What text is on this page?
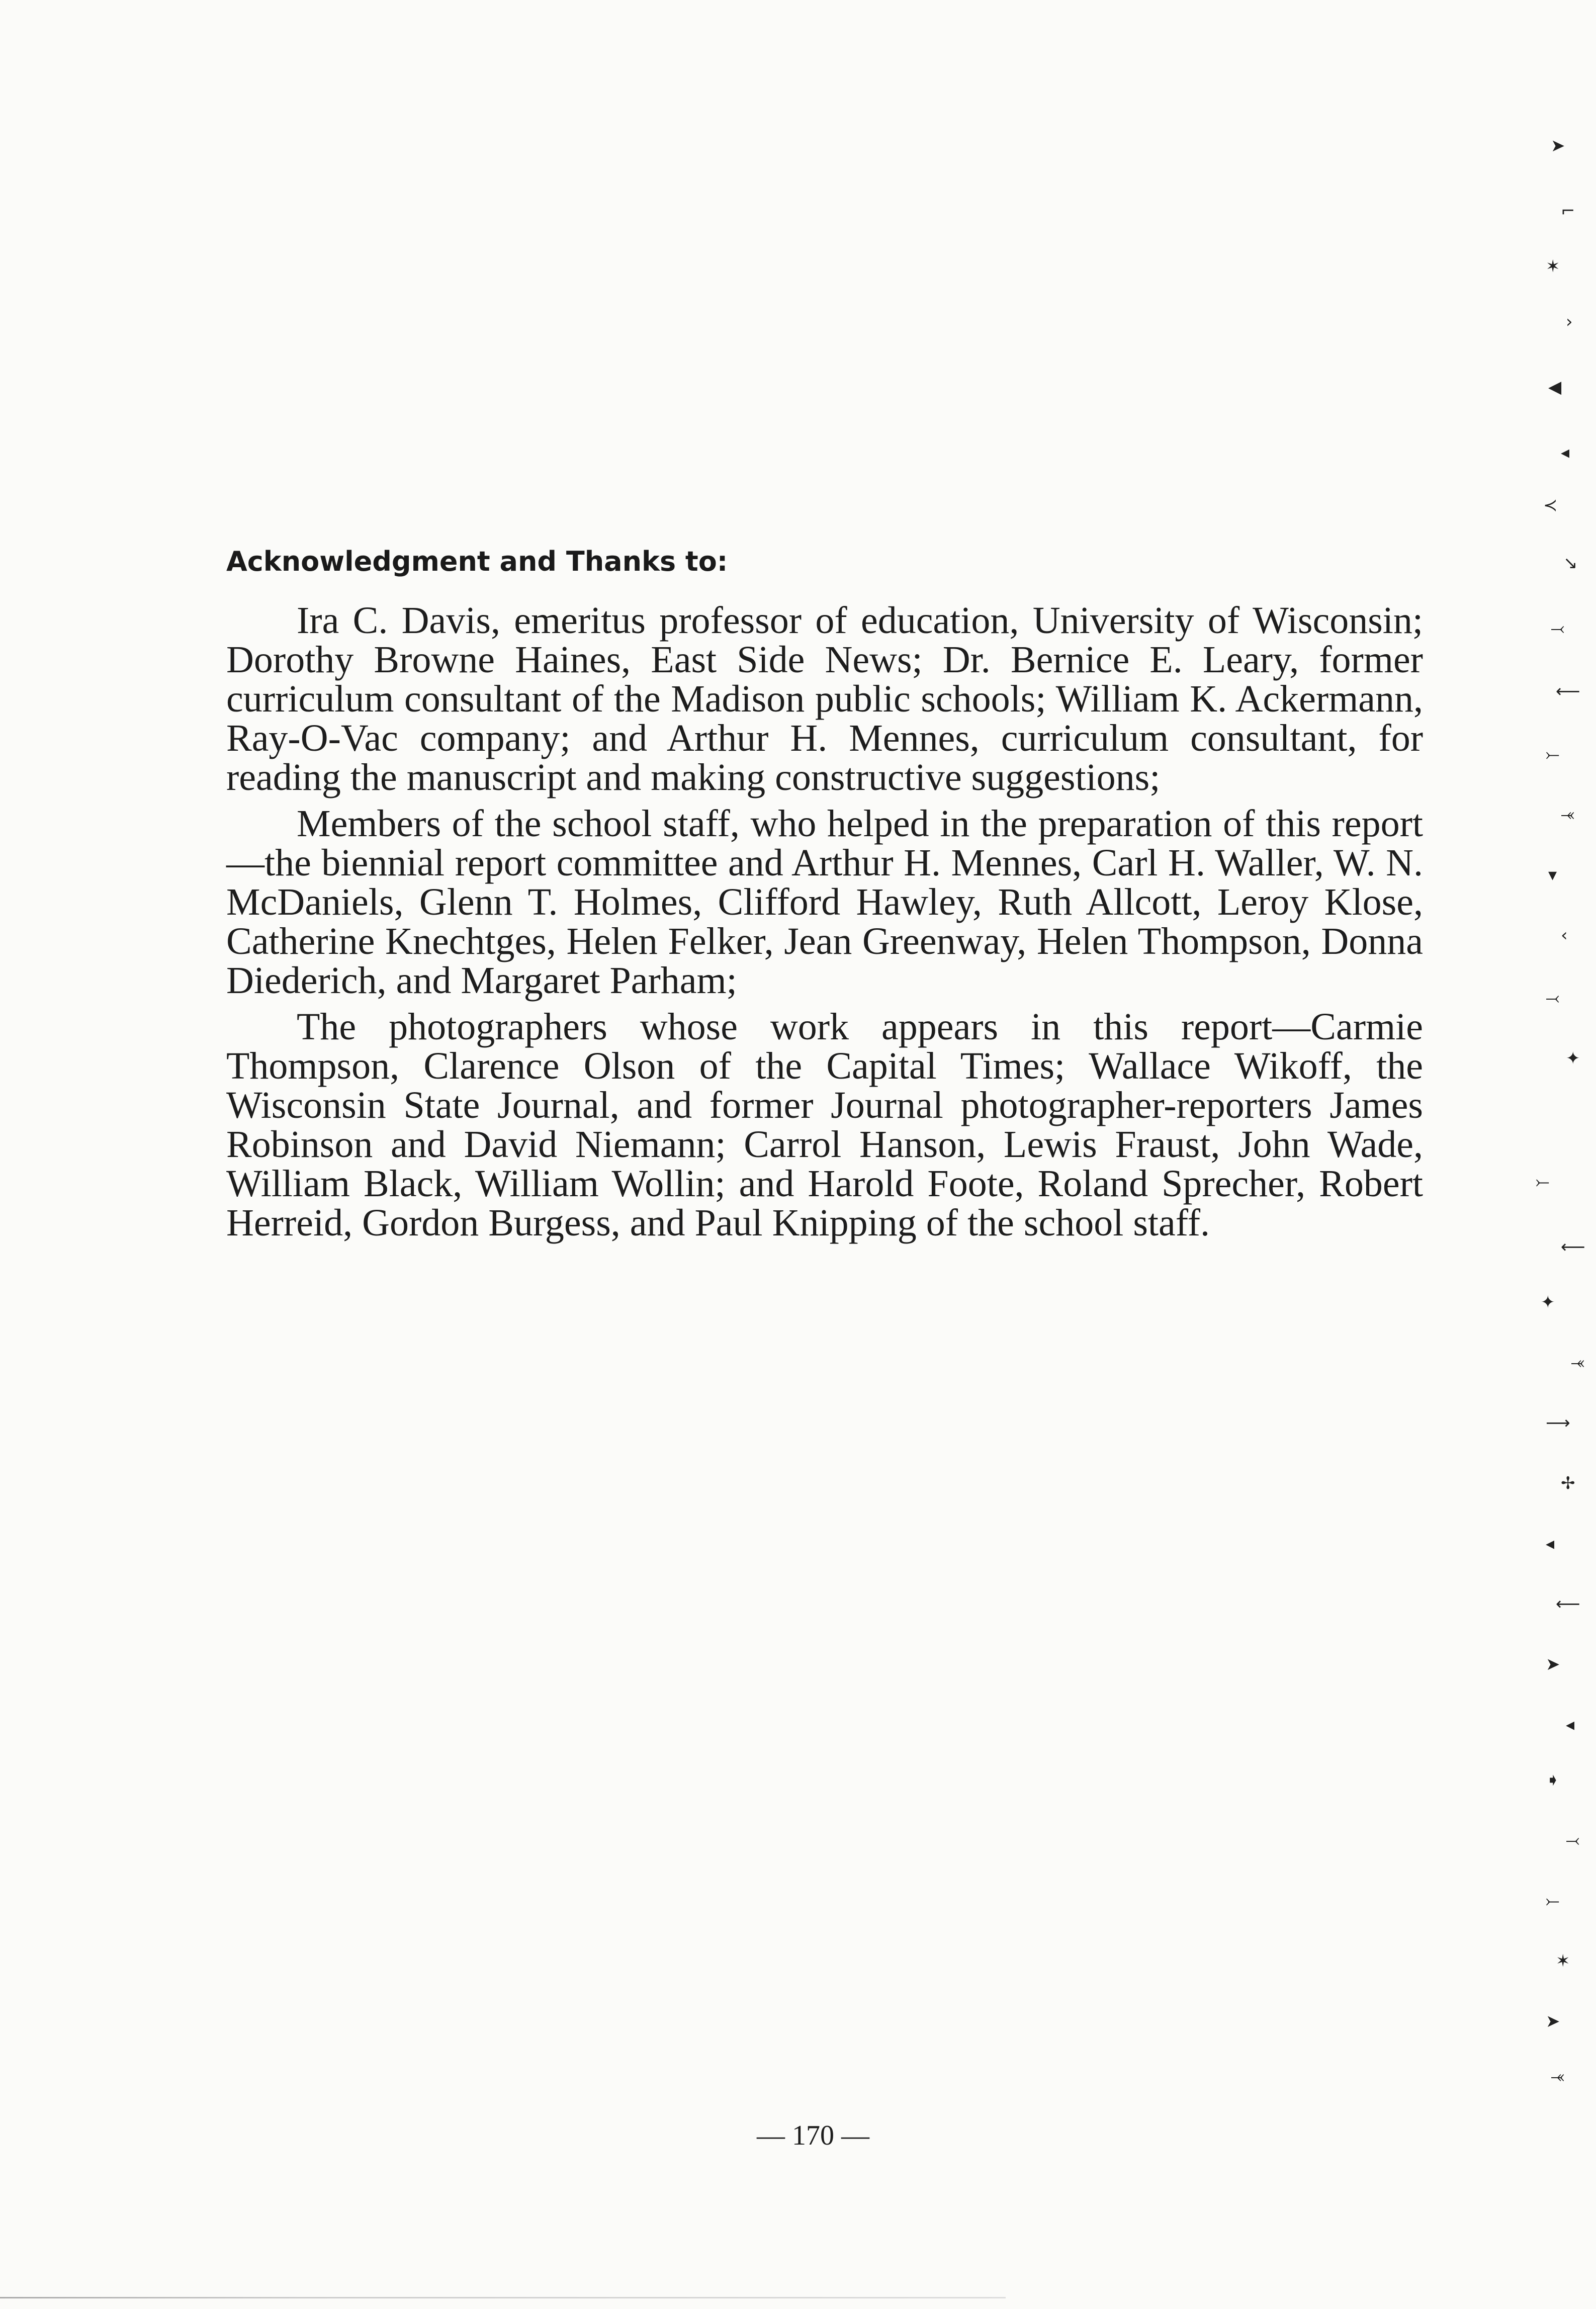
Acknowledgment and Thanks to:

Ira C. Davis, emeritus professor of education, University of Wisconsin; Dorothy Browne Haines, East Side News; Dr. Bernice E. Leary, former curriculum consultant of the Madison public schools; William K. Ackermann, Ray-O-Vac company; and Arthur H. Mennes, curriculum consultant, for reading the manuscript and making constructive suggestions;

Members of the school staff, who helped in the preparation of this report —the biennial report committee and Arthur H. Mennes, Carl H. Waller, W. N. McDaniels, Glenn T. Holmes, Clifford Hawley, Ruth Allcott, Leroy Klose, Catherine Knechtges, Helen Felker, Jean Greenway, Helen Thompson, Donna Diederich, and Margaret Parham;

The photographers whose work appears in this report—Carmie Thompson, Clarence Olson of the Capital Times; Wallace Wikoff, the Wisconsin State Journal, and former Journal photographer-reporters James Robinson and David Niemann; Carrol Hanson, Lewis Fraust, John Wade, William Black, William Wollin; and Harold Foote, Roland Sprecher, Robert Herreid, Gordon Burgess, and Paul Knipping of the school staff.

— 170 —
➤
⌐
✶
›
◀
◂
≺
↘
⤙
⟵
⤚
⤛
▾
‹
⤙
✦
⤚
⟵
✦
⤛
⟶
✢
◂
⟵
➤
◂
➧
⤙
⤚
✶
➤
⤛
